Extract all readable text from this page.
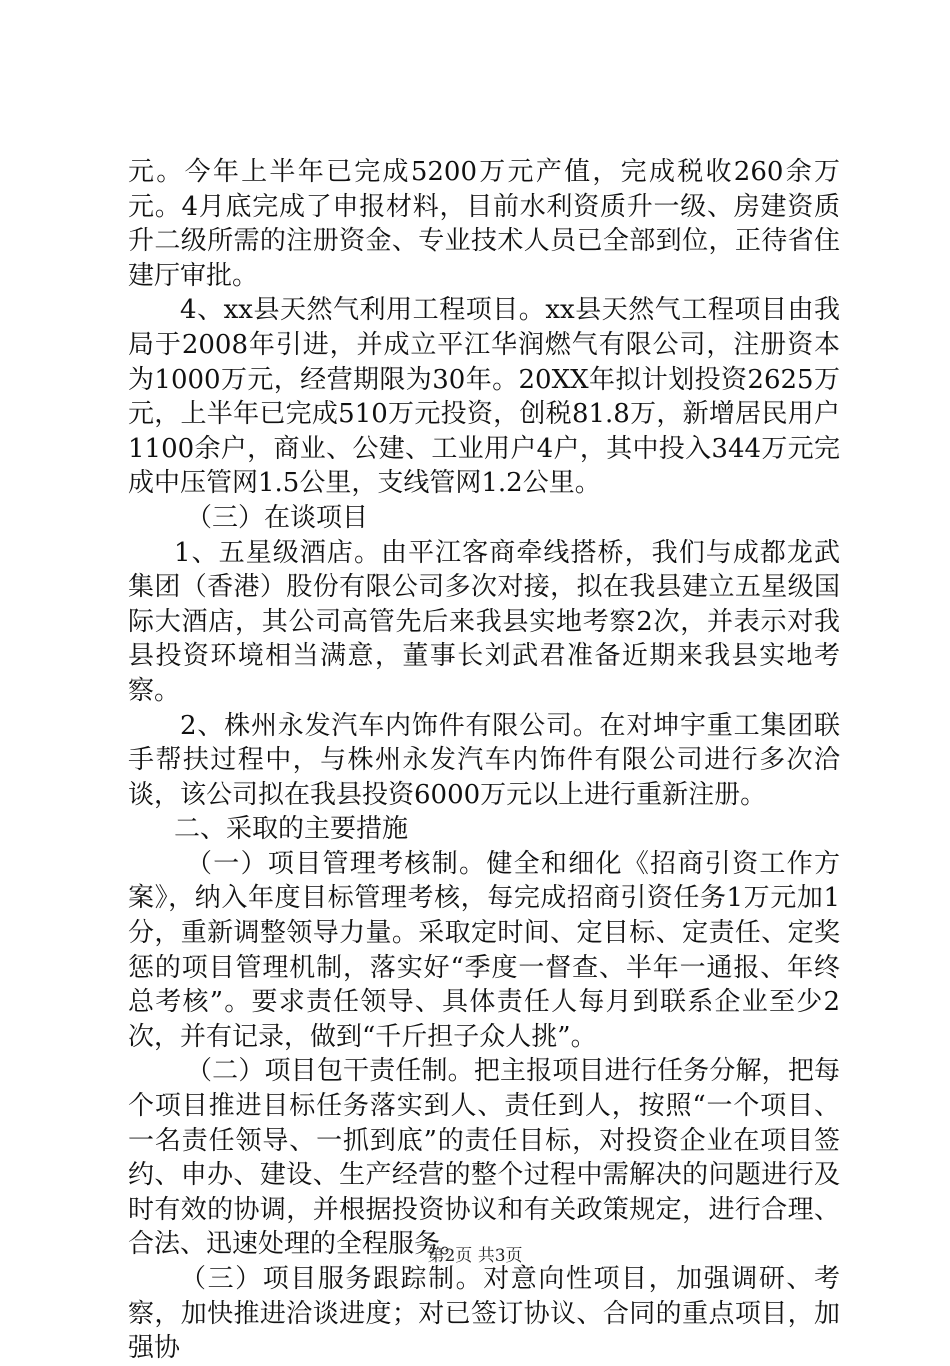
元。今年上半年已完成5200万元产值，完成税收260余万元。4月底完成了申报材料，目前水利资质升一级、房建资质升二级所需的注册资金、专业技术人员已全部到位，正待省住建厅审批。

4、xx县天然气利用工程项目。xx县天然气工程项目由我局于2008年引进，并成立平江华润燃气有限公司，注册资本为1000万元，经营期限为30年。20XX年拟计划投资2625万元，上半年已完成510万元投资，创税81.8万，新增居民用户1100余户，商业、公建、工业用户4户，其中投入344万元完成中压管网1.5公里，支线管网1.2公里。

（三）在谈项目

1、五星级酒店。由平江客商牵线搭桥，我们与成都龙武集团（香港）股份有限公司多次对接，拟在我县建立五星级国际大酒店，其公司高管先后来我县实地考察2次，并表示对我县投资环境相当满意，董事长刘武君准备近期来我县实地考察。

2、株州永发汽车内饰件有限公司。在对坤宇重工集团联手帮扶过程中，与株州永发汽车内饰件有限公司进行多次洽谈，该公司拟在我县投资6000万元以上进行重新注册。

二、采取的主要措施

（一）项目管理考核制。健全和细化《招商引资工作方案》，纳入年度目标管理考核，每完成招商引资任务1万元加1分，重新调整领导力量。采取定时间、定目标、定责任、定奖惩的项目管理机制，落实好“季度一督查、半年一通报、年终总考核”。要求责任领导、具体责任人每月到联系企业至少2次，并有记录，做到“千斤担子众人挑”。

（二）项目包干责任制。把主报项目进行任务分解，把每个项目推进目标任务落实到人、责任到人，按照“一个项目、一名责任领导、一抓到底”的责任目标，对投资企业在项目签约、申办、建设、生产经营的整个过程中需解决的问题进行及时有效的协调，并根据投资协议和有关政策规定，进行合理、合法、迅速处理的全程服务。

（三）项目服务跟踪制。对意向性项目，加强调研、考察，加快推进洽谈进度；对已签订协议、合同的重点项目，加强协

第2页 共3页
